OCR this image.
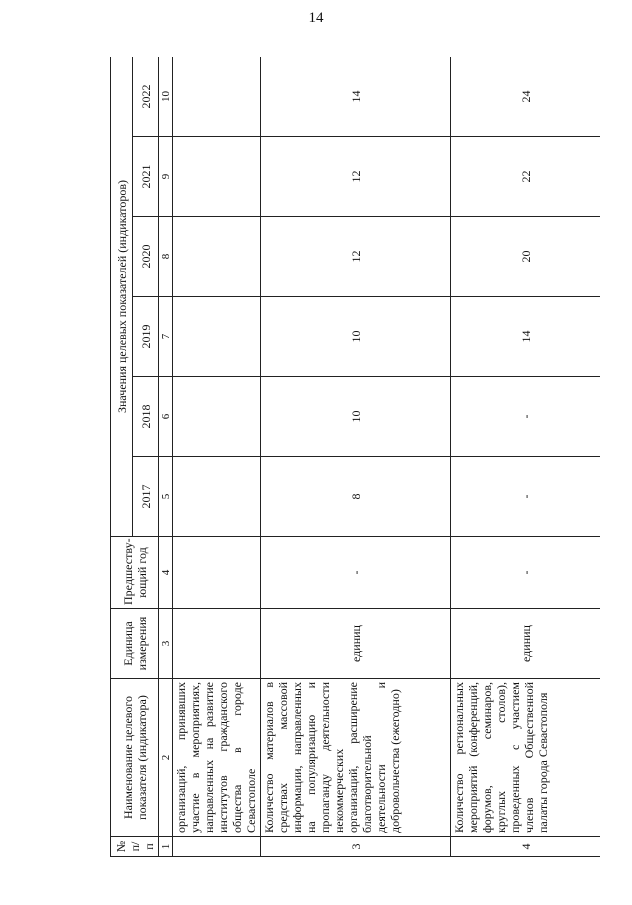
14
№ п/п	Наименование целевого показателя (индикатора)	Единица измерения	Предшеству-ющий год	Значения целевых показателей (индикаторов)					
				2017	2018	2019	2020	2021	2022
1	2	3	4	5	6	7	8	9	10
	организаций, принявших участие в мероприятиях, направленных на развитие институтов гражданского общества в городе Севастополе								
3	Количество материалов в средствах массовой информации, направленных на популяризацию и пропаганду деятельности некоммерческих организаций, расширение благотворительной деятельности и добровольчества (ежегодно)	единиц	-	8	10	10	12	12	14
4	Количество региональных мероприятий (конференций, форумов, семинаров, круглых столов), проведенных с участием членов Общественной палаты города Севастополя	единиц	-	-	-	14	20	22	24
